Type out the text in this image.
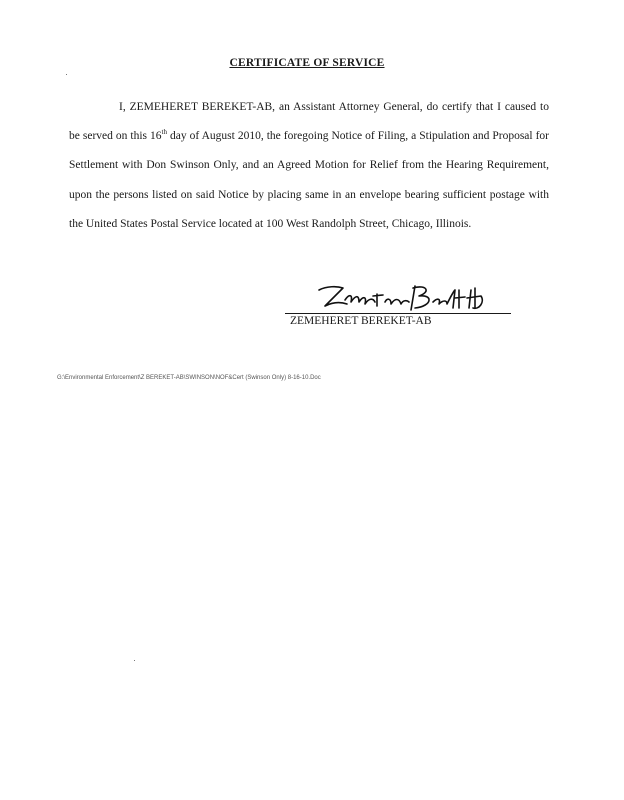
CERTIFICATE OF SERVICE

I, ZEMEHERET BEREKET-AB, an Assistant Attorney General, do certify that I caused to be served on this 16th day of August 2010, the foregoing Notice of Filing, a Stipulation and Proposal for Settlement with Don Swinson Only, and an Agreed Motion for Relief from the Hearing Requirement, upon the persons listed on said Notice by placing same in an envelope bearing sufficient postage with the United States Postal Service located at 100 West Randolph Street, Chicago, Illinois.

ZEMEHERET BEREKET-AB
G:\Environmental Enforcement\Z BEREKET-AB\SWINSON\NOF&Cert (Swinson Only) 8-16-10.Doc
